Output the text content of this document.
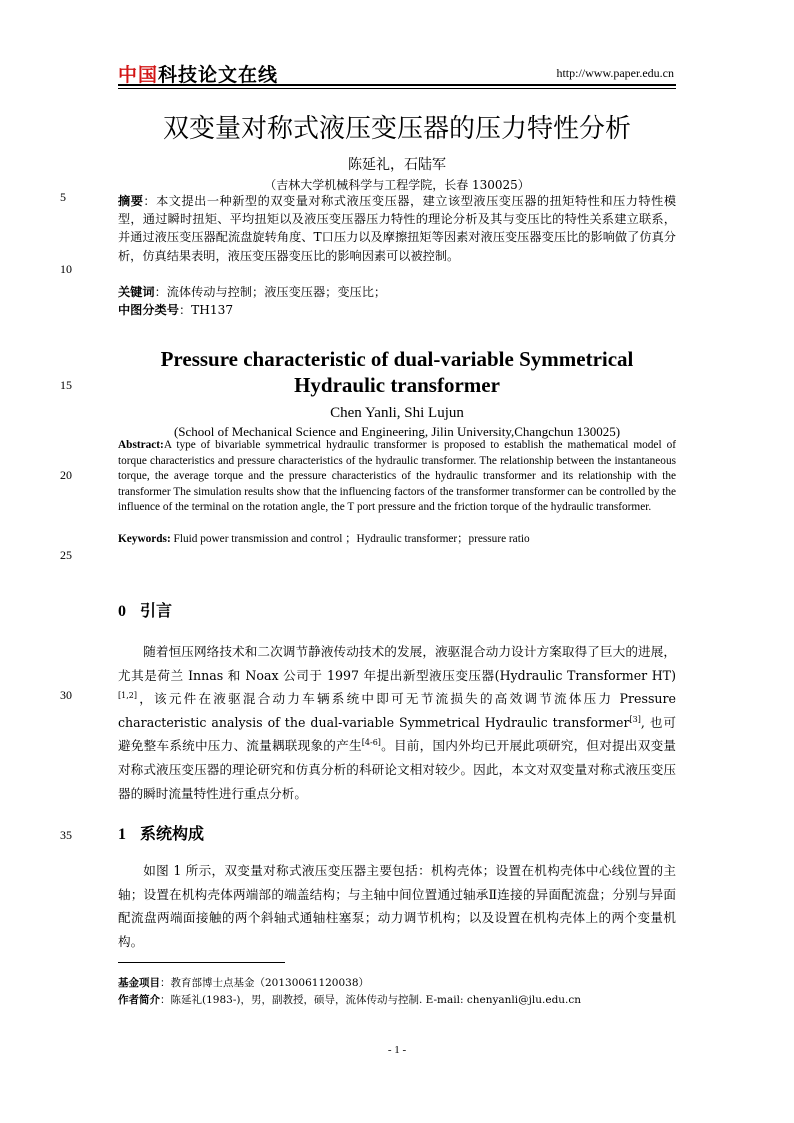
中国科技论文在线	http://www.paper.edu.cn
双变量对称式液压变压器的压力特性分析
陈延礼，石陆军
（吉林大学机械科学与工程学院，长春 130025）
5
10
15
20
25
30
35
摘要：本文提出一种新型的双变量对称式液压变压器，建立该型液压变压器的扭矩特性和压力特性模型，通过瞬时扭矩、平均扭矩以及液压变压器压力特性的理论分析及其与变压比的特性关系建立联系，并通过液压变压器配流盘旋转角度、T口压力以及摩擦扭矩等因素对液压变压器变压比的影响做了仿真分析，仿真结果表明，液压变压器变压比的影响因素可以被控制。
关键词：流体传动与控制；液压变压器；变压比；
中图分类号：TH137
Pressure characteristic of dual-variable Symmetrical Hydraulic transformer
Chen Yanli, Shi Lujun
(School of Mechanical Science and Engineering, Jilin University,Changchun 130025)
Abstract:A type of bivariable symmetrical hydraulic transformer is proposed to establish the mathematical model of torque characteristics and pressure characteristics of the hydraulic transformer. The relationship between the instantaneous torque, the average torque and the pressure characteristics of the hydraulic transformer and its relationship with the transformer The simulation results show that the influencing factors of the transformer transformer can be controlled by the influence of the terminal on the rotation angle, the T port pressure and the friction torque of the hydraulic transformer.
Keywords: Fluid power transmission and control ；Hydraulic transformer；pressure ratio
0 引言
随着恒压网络技术和二次调节静液传动技术的发展，液驱混合动力设计方案取得了巨大的进展，尤其是荷兰 Innas 和 Noax 公司于 1997 年提出新型液压变压器(Hydraulic Transformer HT) [1,2]，该元件在液驱混合动力车辆系统中即可无节流损失的高效调节流体压力 Pressure characteristic analysis of the dual-variable Symmetrical Hydraulic transformer[3], 也可避免整车系统中压力、流量耦联现象的产生[4-6]。目前，国内外均已开展此项研究，但对提出双变量对称式液压变压器的理论研究和仿真分析的科研论文相对较少。因此，本文对双变量对称式液压变压器的瞬时流量特性进行重点分析。
1 系统构成
如图 1 所示，双变量对称式液压变压器主要包括：机构壳体；设置在机构壳体中心线位置的主轴；设置在机构壳体两端部的端盖结构；与主轴中间位置通过轴承Ⅱ连接的异面配流盘；分别与异面配流盘两端面接触的两个斜轴式通轴柱塞泵；动力调节机构；以及设置在机构壳体上的两个变量机构。
基金项目：教育部博士点基金（20130061120038）
作者简介：陈延礼(1983-)，男，副教授，硕导，流体传动与控制. E-mail: chenyanli@jlu.edu.cn
- 1 -
